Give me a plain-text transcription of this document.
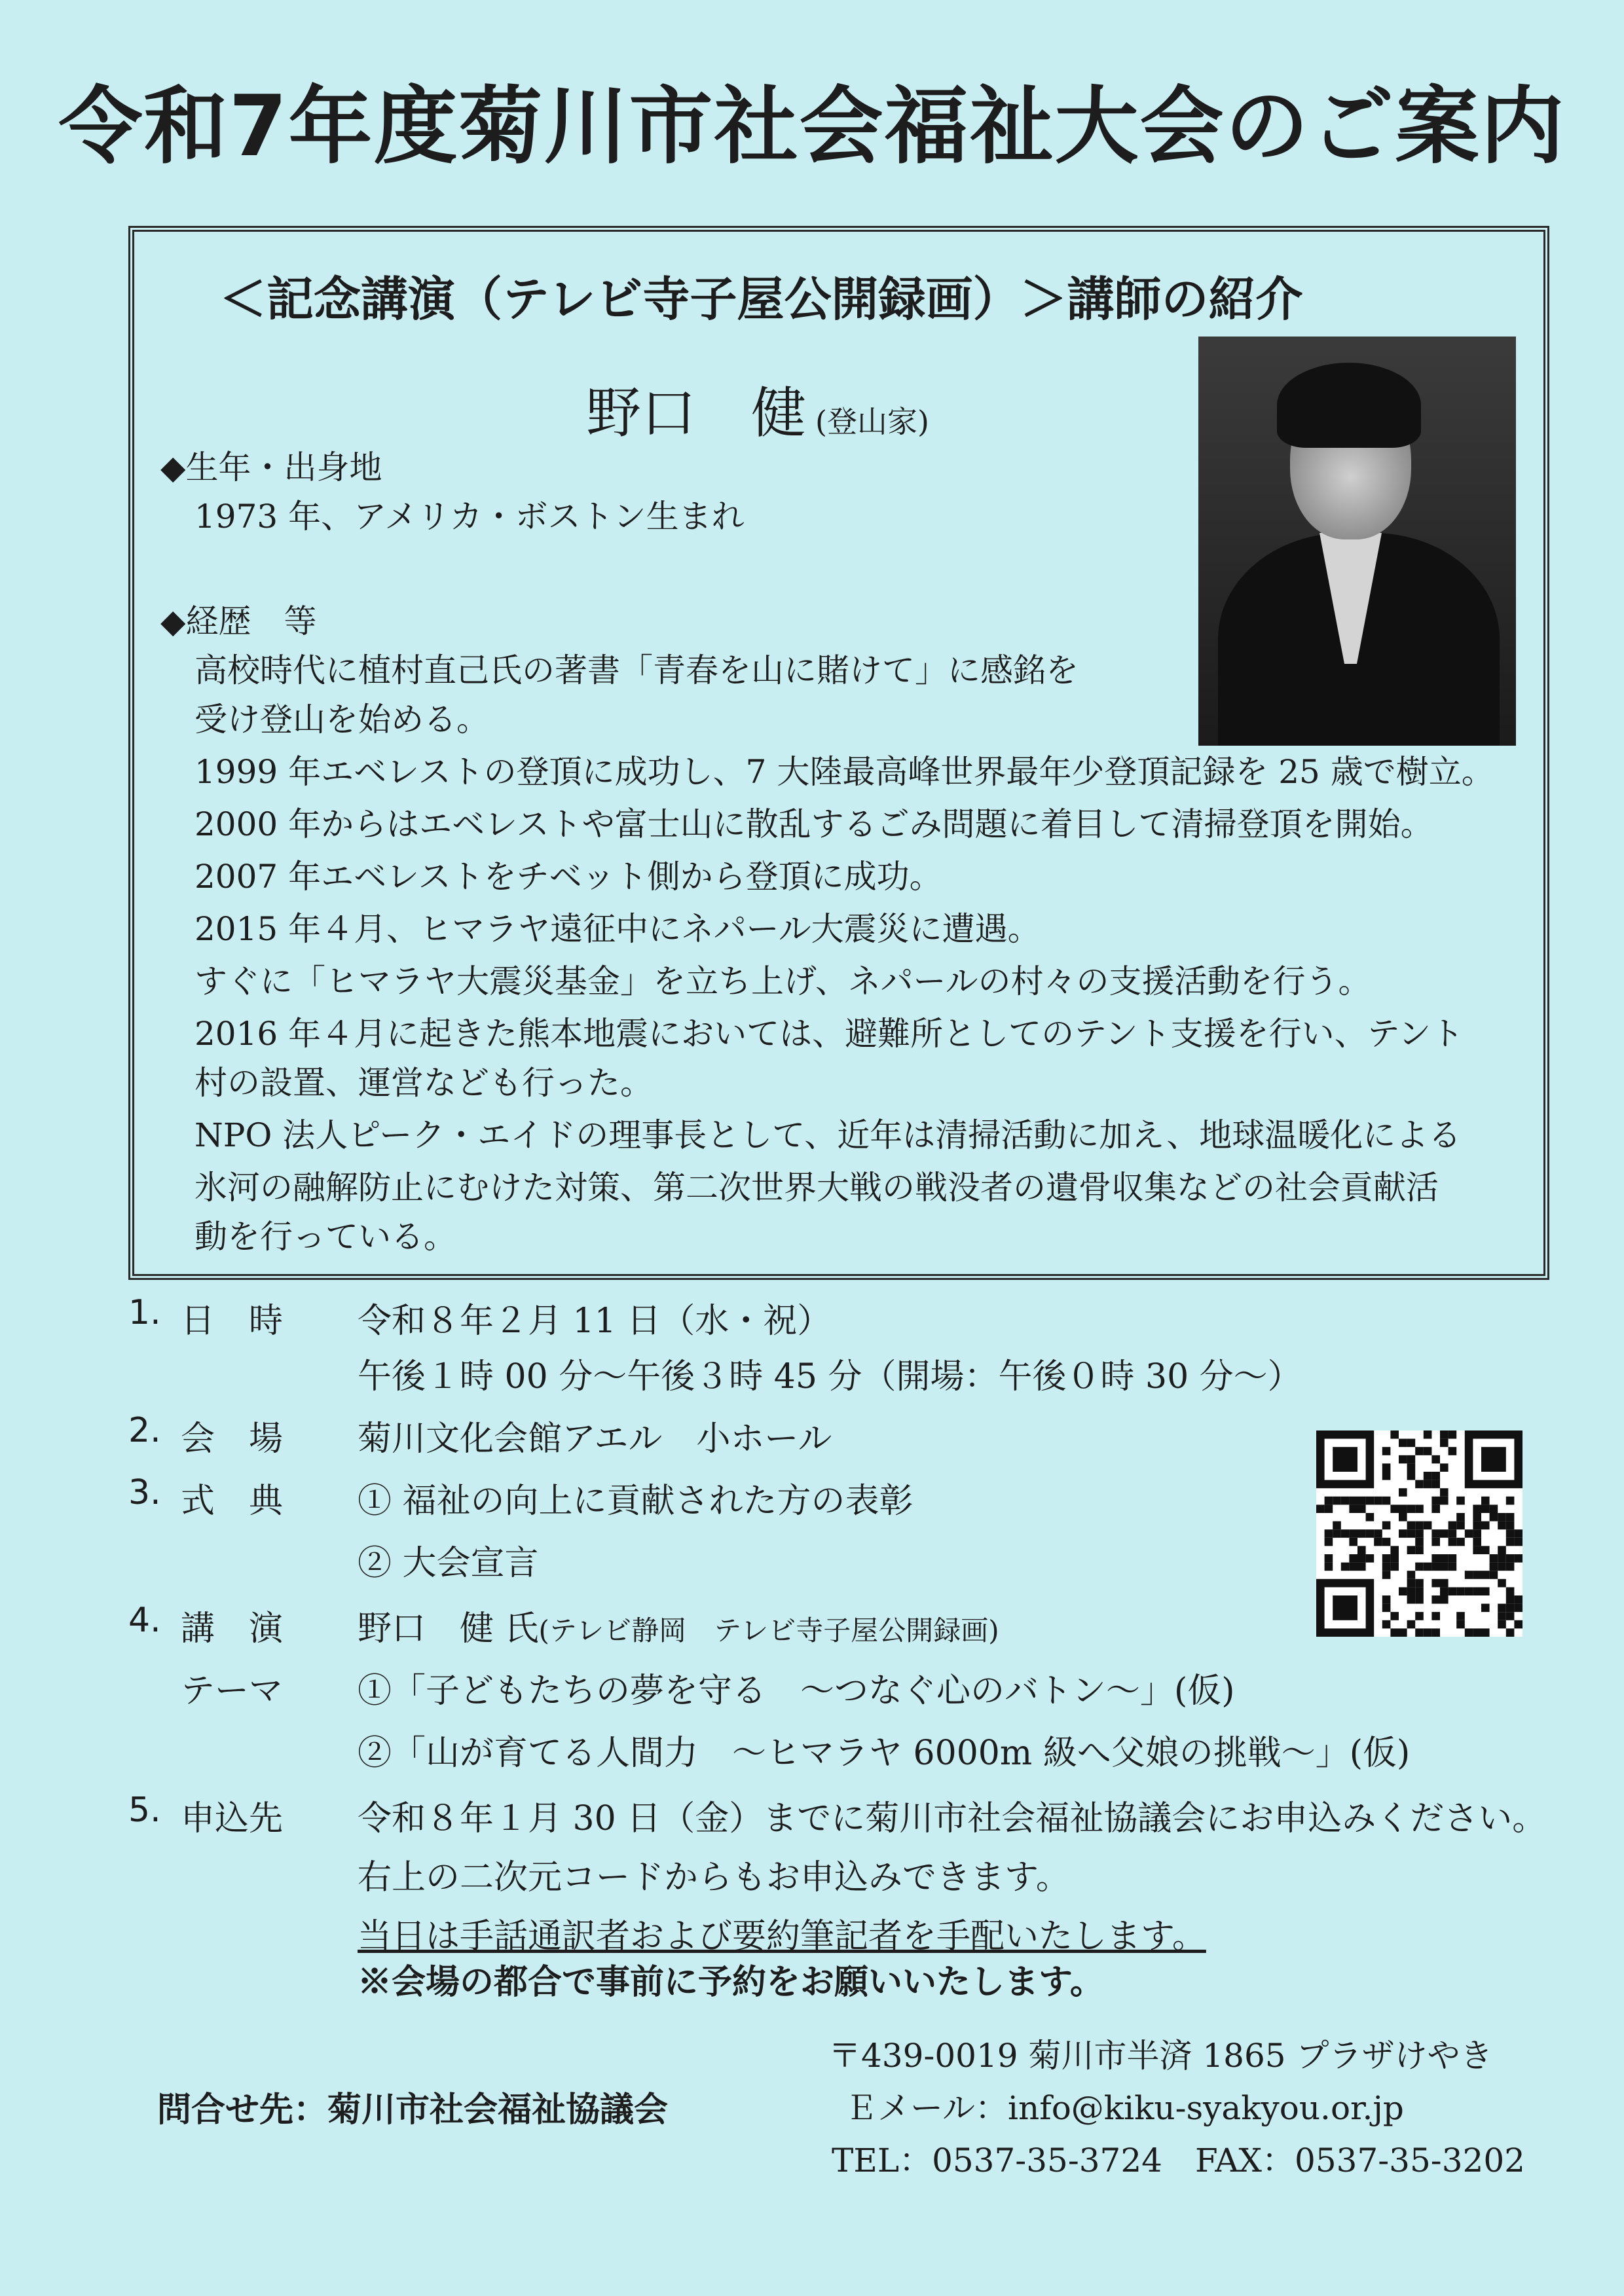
令和7年度菊川市社会福祉大会のご案内
＜記念講演（テレビ寺子屋公開録画）＞講師の紹介
野口　健 (登山家)
◆生年・出身地
1973 年、アメリカ・ボストン生まれ
◆経歴　等
高校時代に植村直己氏の著書「青春を山に賭けて」に感銘を
受け登山を始める。
1999 年エベレストの登頂に成功し、7 大陸最高峰世界最年少登頂記録を 25 歳で樹立。
2000 年からはエベレストや富士山に散乱するごみ問題に着目して清掃登頂を開始。
2007 年エベレストをチベット側から登頂に成功。
2015 年４月、ヒマラヤ遠征中にネパール大震災に遭遇。
すぐに「ヒマラヤ大震災基金」を立ち上げ、ネパールの村々の支援活動を行う。
2016 年４月に起きた熊本地震においては、避難所としてのテント支援を行い、テント
村の設置、運営なども行った。
NPO 法人ピーク・エイドの理事長として、近年は清掃活動に加え、地球温暖化による
氷河の融解防止にむけた対策、第二次世界大戦の戦没者の遺骨収集などの社会貢献活
動を行っている。
1. 日　時 令和８年２月 11 日（水・祝）
午後１時 00 分～午後３時 45 分（開場：午後０時 30 分～）
2. 会　場 菊川文化会館アエル　小ホール
3. 式　典 ① 福祉の向上に貢献された方の表彰
② 大会宣言
4. 講　演 野口　健 氏(テレビ静岡　テレビ寺子屋公開録画)
テーマ ①「子どもたちの夢を守る　～つなぐ心のバトン～」(仮)
②「山が育てる人間力　～ヒマラヤ 6000m 級へ父娘の挑戦～」(仮)
5. 申込先 令和８年１月 30 日（金）までに菊川市社会福祉協議会にお申込みください。
右上の二次元コードからもお申込みできます。
当日は手話通訳者および要約筆記者を手配いたします。
※会場の都合で事前に予約をお願いいたします。
問合せ先：菊川市社会福祉協議会
〒439-0019 菊川市半済 1865 プラザけやき
Ｅメール：info@kiku-syakyou.or.jp
TEL：0537-35-3724 FAX：0537-35-3202
